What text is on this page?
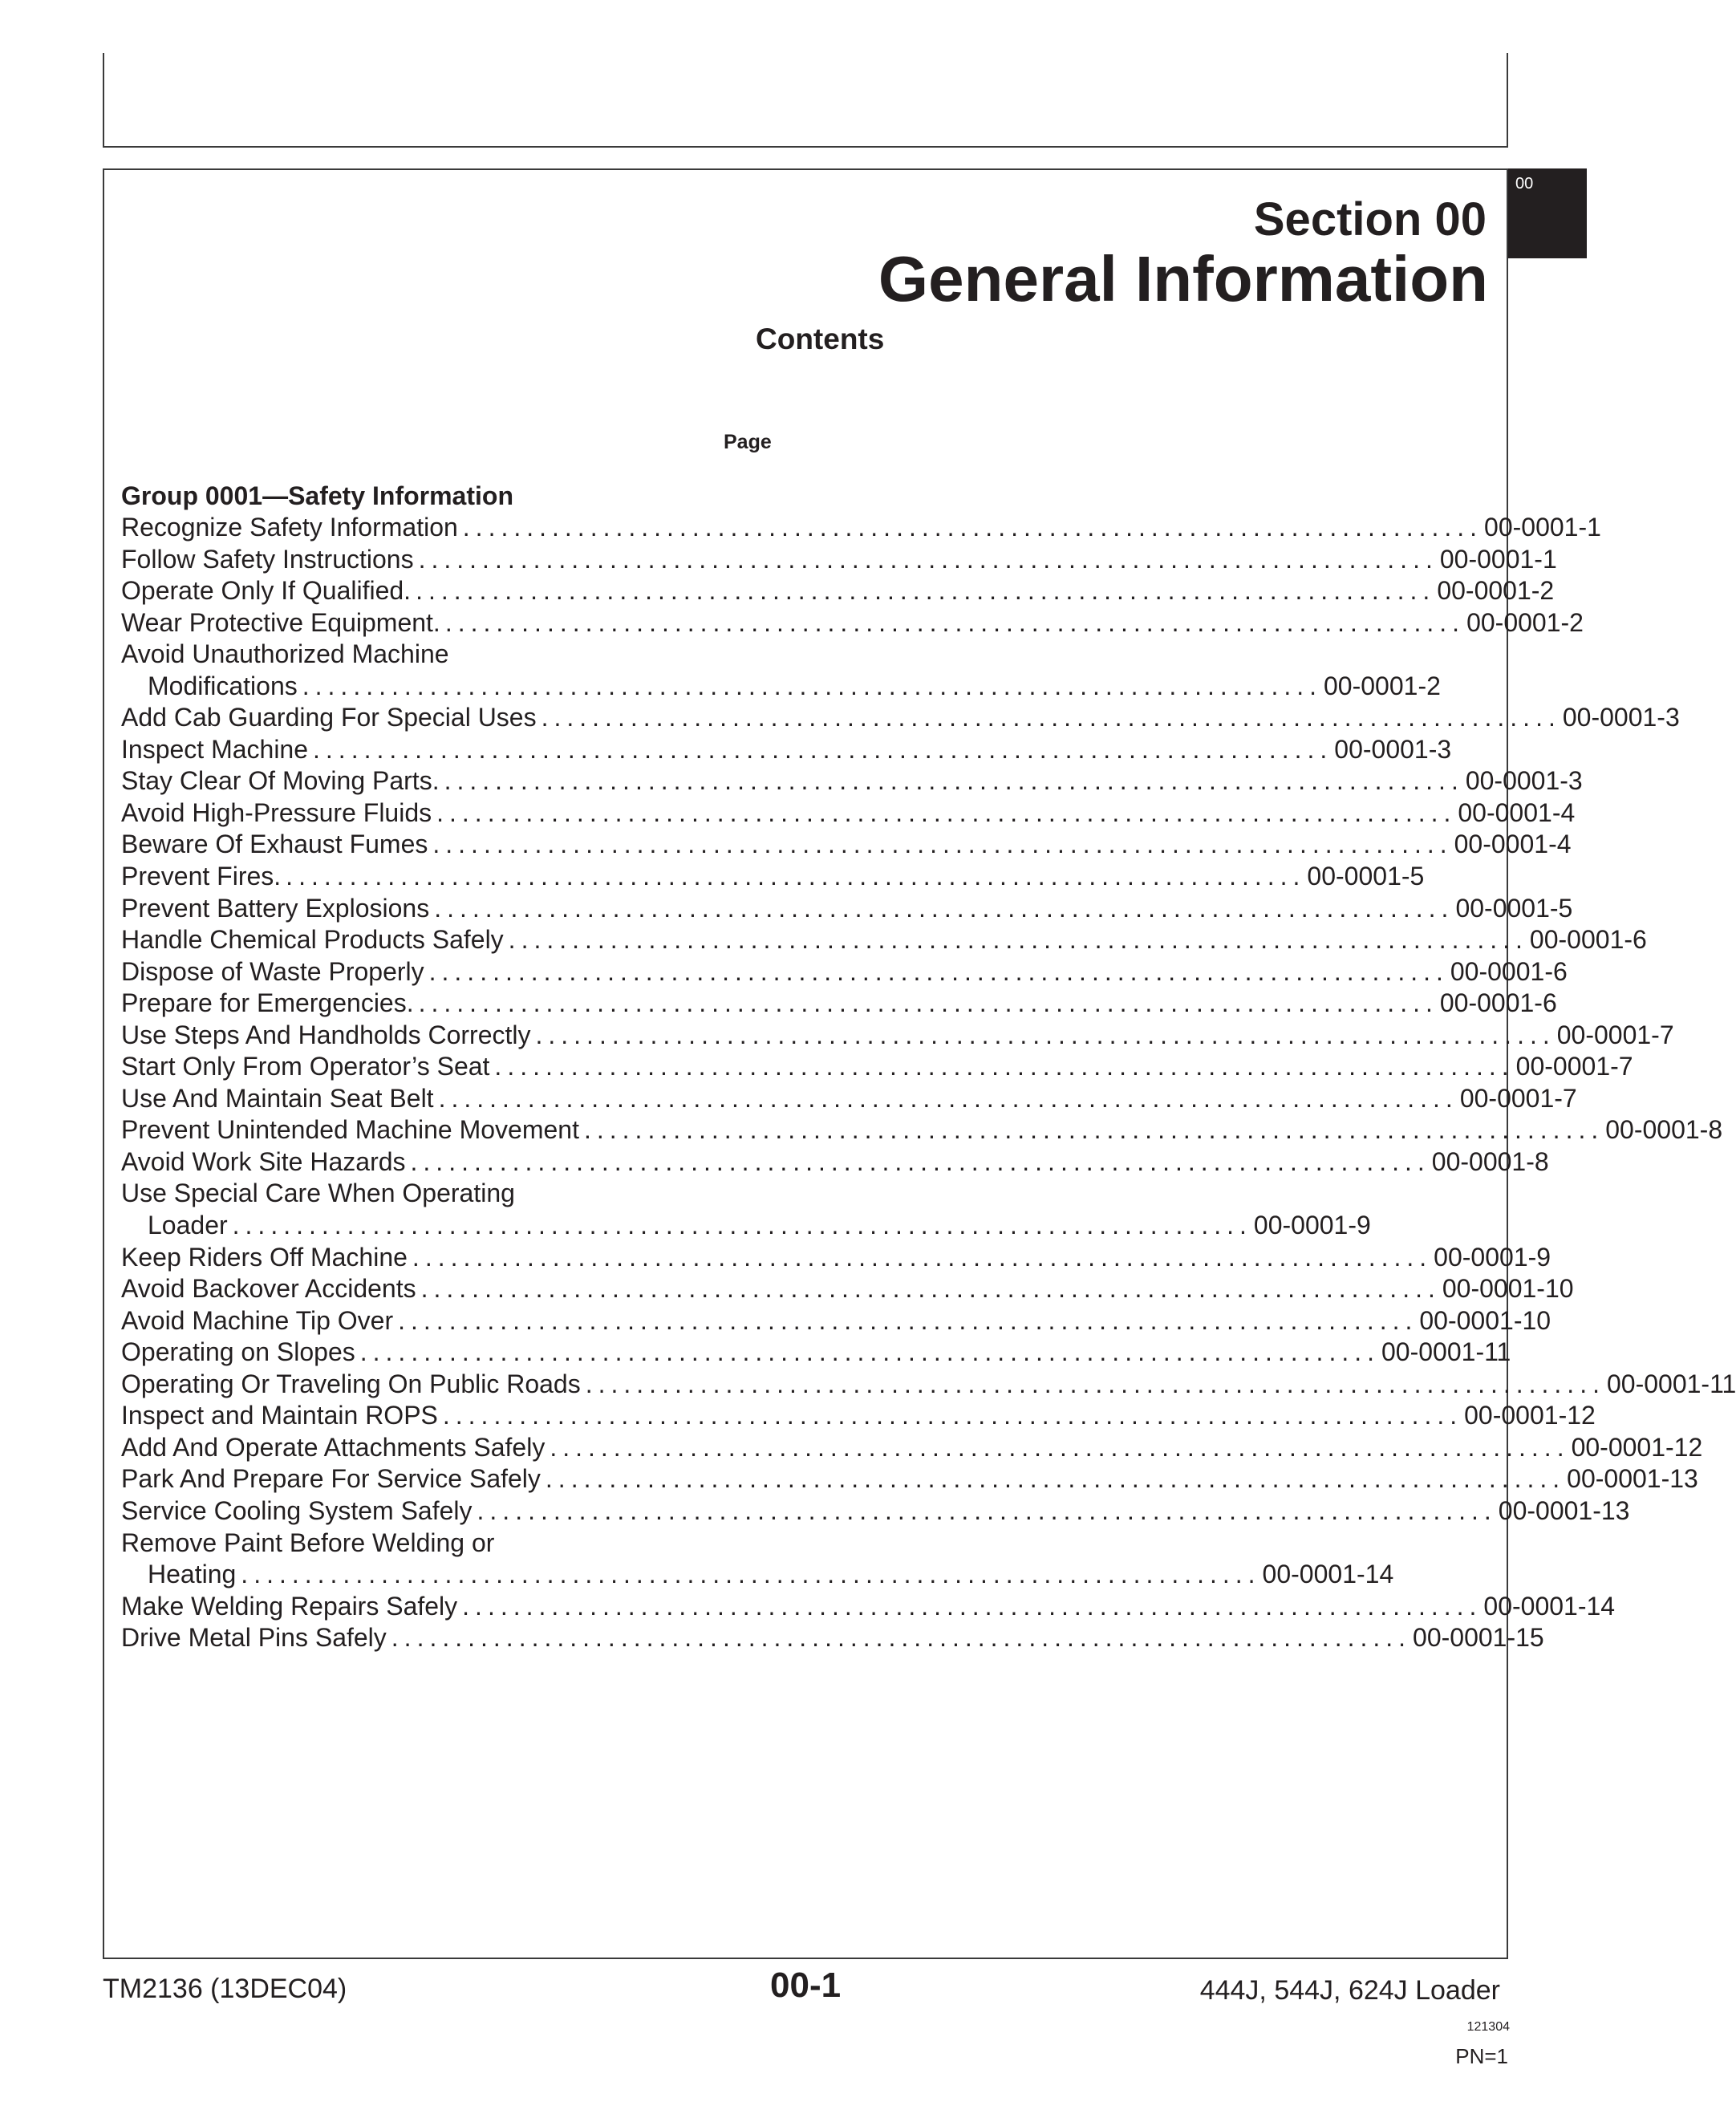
00
Section 00
General Information
Contents
Page
Group 0001—Safety Information
Recognize Safety Information ................................................................................ 00-0001-1
Follow Safety Instructions ................................................................................ 00-0001-1
Operate Only If Qualified. ................................................................................ 00-0001-2
Wear Protective Equipment. ................................................................................ 00-0001-2
Avoid Unauthorized Machine
Modifications ................................................................................ 00-0001-2
Add Cab Guarding For Special Uses ................................................................................ 00-0001-3
Inspect Machine ................................................................................ 00-0001-3
Stay Clear Of Moving Parts. ................................................................................ 00-0001-3
Avoid High-Pressure Fluids ................................................................................ 00-0001-4
Beware Of Exhaust Fumes ................................................................................ 00-0001-4
Prevent Fires. ................................................................................ 00-0001-5
Prevent Battery Explosions ................................................................................ 00-0001-5
Handle Chemical Products Safely ................................................................................ 00-0001-6
Dispose of Waste Properly ................................................................................ 00-0001-6
Prepare for Emergencies. ................................................................................ 00-0001-6
Use Steps And Handholds Correctly ................................................................................ 00-0001-7
Start Only From Operator’s Seat ................................................................................ 00-0001-7
Use And Maintain Seat Belt ................................................................................ 00-0001-7
Prevent Unintended Machine Movement ................................................................................ 00-0001-8
Avoid Work Site Hazards ................................................................................ 00-0001-8
Use Special Care When Operating
Loader ................................................................................ 00-0001-9
Keep Riders Off Machine ................................................................................ 00-0001-9
Avoid Backover Accidents ................................................................................ 00-0001-10
Avoid Machine Tip Over ................................................................................ 00-0001-10
Operating on Slopes ................................................................................ 00-0001-11
Operating Or Traveling On Public Roads ................................................................................ 00-0001-11
Inspect and Maintain ROPS ................................................................................ 00-0001-12
Add And Operate Attachments Safely ................................................................................ 00-0001-12
Park And Prepare For Service Safely ................................................................................ 00-0001-13
Service Cooling System Safely ................................................................................ 00-0001-13
Remove Paint Before Welding or
Heating ................................................................................ 00-0001-14
Make Welding Repairs Safely ................................................................................ 00-0001-14
Drive Metal Pins Safely ................................................................................ 00-0001-15
TM2136 (13DEC04)	00-1	444J, 544J, 624J Loader
121304
PN=1
